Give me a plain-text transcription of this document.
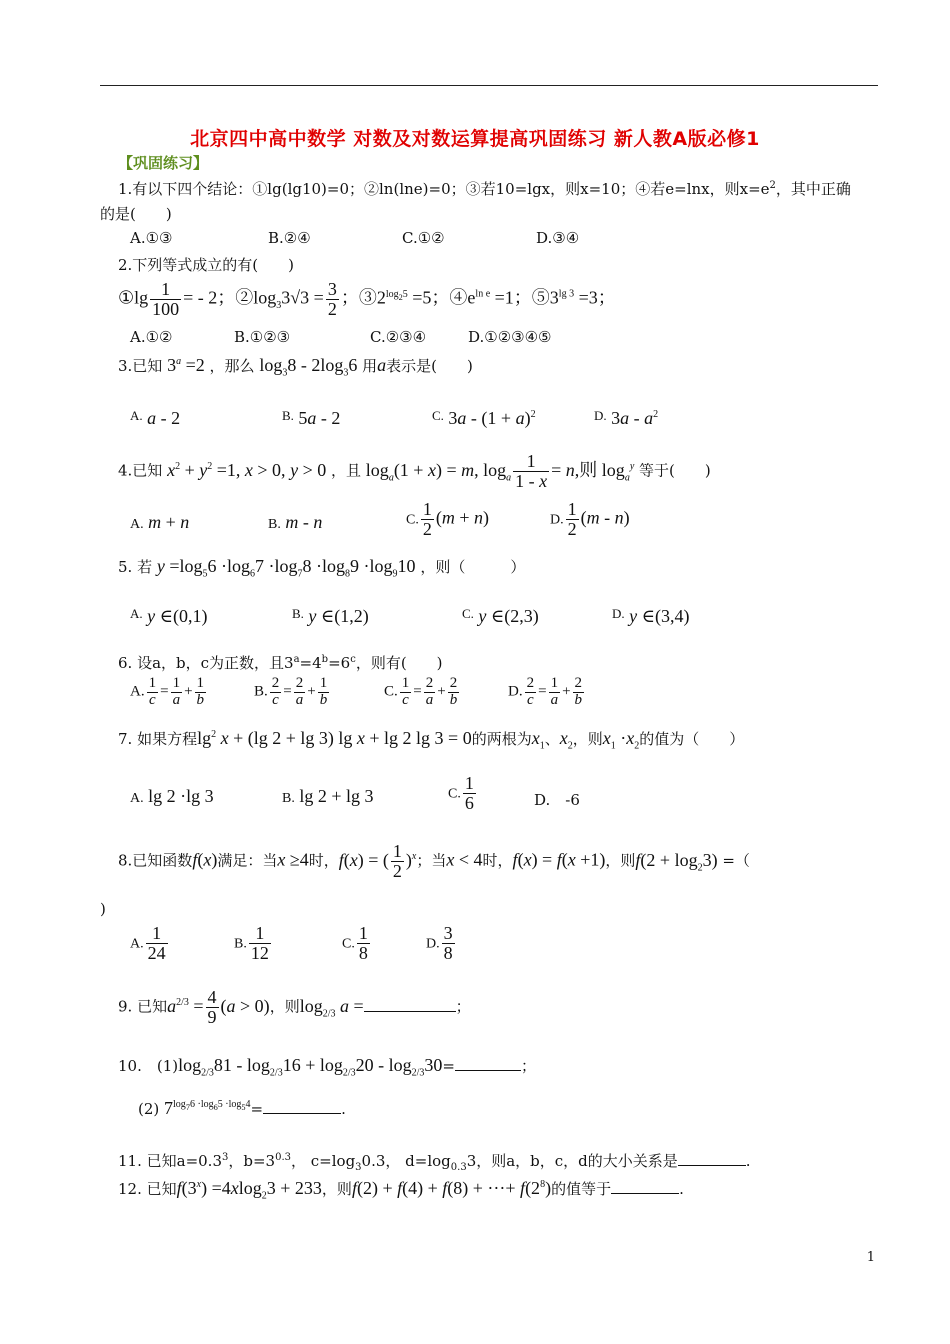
北京四中高中数学 对数及对数运算提高巩固练习 新人教A版必修1
【巩固练习】
1.有以下四个结论：①lg(lg10)=0；②ln(lne)=0；③若10=lgx，则x=10；④若e=lnx，则$x=e^2$，其中正确
的是(　　)
A.①③	B.②④	C.①②	D.③④
2.下列等式成立的有(　　)
①lg $\frac{1}{100}$ = - 2；$②\log_33√3 = \frac{3}{2}$ ；$③2^{log_25} =5$；$④e^{ln e} =1$；$⑤3^{lg 3} =3$；
A.①②	B.①②③	C.②③④	D.①②③④⑤
3.已知 $3^a =2$ ，那么 $\log_38 - 2\log_36$ 用a表示是(　　)
$^{A.}$ a - 2	$^{B.}$ 5a - 2	$^{C.}$ $3a - (1 + a)^2$	$^{D.}$ $3a - a^2$
4.已知 $x^2 + y^2 =1$, x > 0, y > 0 ，且 $\log_a(1 + x) = m$, $\log_a \frac{1}{1 - x} = n$,则 $\log_a^y$ 等于(　　)
A. m + n	B. m - n	C. $\frac{1}{2} (m + n)$	D. $\frac{1}{2} (m - n)$
5. 若 $y =\log_56 \cdot\log_67 \cdot\log_78 \cdot\log_89 \cdot\log_910$ ，则（　　　）
$^{A.}$ y ∈(0,1)	$^{B.}$ y ∈(1,2)	$^{C.}$ y ∈(2,3)	$^{D.}$ y ∈(3,4)
6. 设a，b，c为正数，且$3^a=4^b=6^c$，则有(　　)
A. $\frac{1}{c} = \frac{1}{a} + \frac{1}{b}$	B. $\frac{2}{c} = \frac{2}{a} + \frac{1}{b}$	C. $\frac{1}{c} = \frac{2}{a} + \frac{2}{b}$	D. $\frac{2}{c} = \frac{1}{a} + \frac{2}{b}$
7. 如果方程$\lg^2 x + (\lg$ 2 + lg 3) lg x + lg 2 lg 3 = 0的两根为$x_1$、$x_2$，则$x_1 \cdot x_2$的值为（　　）
A. lg 2 ·lg 3	B. lg 2 + lg 3	C. $\frac{1}{6}$	D.　-6
8.已知函数f(x)满足：当x ≥4时，f(x) = ( $\frac{1}{2} )^x$；当x < 4时，f(x) = f(x +1)，则$f(2 + \log_23)$ =（
)
A. $\frac{1}{24}$	B. $\frac{1}{12}$	C. $\frac{1}{8}$	D. $\frac{3}{8}$
9. 已知$a^{2/3} = \frac{4}{9} (a > 0)$，则$\log_{2/3} a$ =	；
10.　 $(1)\log_{2/3}81 - \log_{2/3}16 + \log_{2/3}20 - \log_{2/3}30=$	；
(2) $7^{log_76 \cdot log_65 \cdot log_54}=$	.
11. 已知$a=0.3^3$，$b=3^{0.3}$， $c=\log_30.3$， $d=\log_{0.3}3$，则a，b，c，d的大小关系是	.
12. 已知$f(3^x) =4xlog_23 + 233$，则f(2) + f(4) + f(8) + ···+ $f(2^8)$的值等于	.
1
